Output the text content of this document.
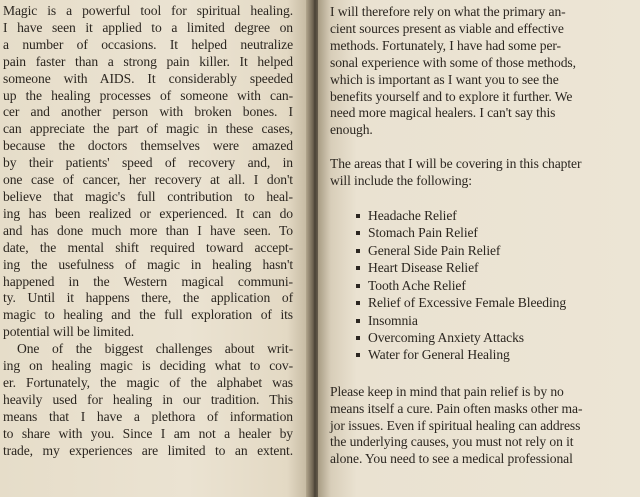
Magic is a powerful tool for spiritual healing.
I have seen it applied to a limited degree on
a number of occasions. It helped neutralize
pain faster than a strong pain killer. It helped
someone with AIDS. It considerably speeded
up the healing processes of someone with can-
cer and another person with broken bones. I
can appreciate the part of magic in these cases,
because the doctors themselves were amazed
by their patients' speed of recovery and, in
one case of cancer, her recovery at all. I don't
believe that magic's full contribution to heal-
ing has been realized or experienced. It can do
and has done much more than I have seen. To
date, the mental shift required toward accept-
ing the usefulness of magic in healing hasn't
happened in the Western magical communi-
ty. Until it happens there, the application of
magic to healing and the full exploration of its
potential will be limited.
One of the biggest challenges about writ-
ing on healing magic is deciding what to cov-
er. Fortunately, the magic of the alphabet was
heavily used for healing in our tradition. This
means that I have a plethora of information
to share with you. Since I am not a healer by
trade, my experiences are limited to an extent.
I will therefore rely on what the primary an-
cient sources present as viable and effective
methods. Fortunately, I have had some per-
sonal experience with some of those methods,
which is important as I want you to see the
benefits yourself and to explore it further. We
need more magical healers. I can't say this
enough.
The areas that I will be covering in this chapter
will include the following:
Headache Relief
Stomach Pain Relief
General Side Pain Relief
Heart Disease Relief
Tooth Ache Relief
Relief of Excessive Female Bleeding
Insomnia
Overcoming Anxiety Attacks
Water for General Healing
Please keep in mind that pain relief is by no
means itself a cure. Pain often masks other ma-
jor issues. Even if spiritual healing can address
the underlying causes, you must not rely on it
alone. You need to see a medical professional
